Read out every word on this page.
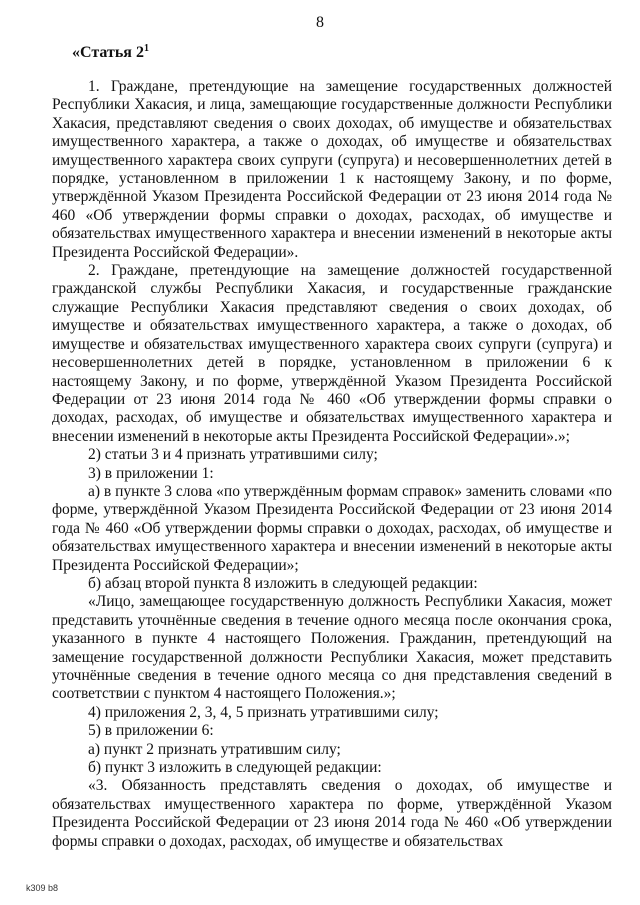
8
«Статья $2^1$

1. Граждане, претендующие на замещение государственных должностей Республики Хакасия, и лица, замещающие государственные должности Республики Хакасия, представляют сведения о своих доходах, об имуществе и обязательствах имущественного характера, а также о доходах, об имуществе и обязательствах имущественного характера своих супруги (супруга) и несовершеннолетних детей в порядке, установленном в приложении 1 к настоящему Закону, и по форме, утверждённой Указом Президента Российской Федерации от 23 июня 2014 года № 460 «Об утверждении формы справки о доходах, расходах, об имуществе и обязательствах имущественного характера и внесении изменений в некоторые акты Президента Российской Федерации».

2. Граждане, претендующие на замещение должностей государственной гражданской службы Республики Хакасия, и государственные гражданские служащие Республики Хакасия представляют сведения о своих доходах, об имуществе и обязательствах имущественного характера, а также о доходах, об имуществе и обязательствах имущественного характера своих супруги (супруга) и несовершеннолетних детей в порядке, установленном в приложении 6 к настоящему Закону, и по форме, утверждённой Указом Президента Российской Федерации от 23 июня 2014 года № 460 «Об утверждении формы справки о доходах, расходах, об имуществе и обязательствах имущественного характера и внесении изменений в некоторые акты Президента Российской Федерации».»;

2) статьи 3 и 4 признать утратившими силу;

3) в приложении 1:

а) в пункте 3 слова «по утверждённым формам справок» заменить словами «по форме, утверждённой Указом Президента Российской Федерации от 23 июня 2014 года № 460 «Об утверждении формы справки о доходах, расходах, об имуществе и обязательствах имущественного характера и внесении изменений в некоторые акты Президента Российской Федерации»;

б) абзац второй пункта 8 изложить в следующей редакции:

«Лицо, замещающее государственную должность Республики Хакасия, может представить уточнённые сведения в течение одного месяца после окончания срока, указанного в пункте 4 настоящего Положения. Гражданин, претендующий на замещение государственной должности Республики Хакасия, может представить уточнённые сведения в течение одного месяца со дня представления сведений в соответствии с пунктом 4 настоящего Положения.»;

4) приложения 2, 3, 4, 5 признать утратившими силу;

5) в приложении 6:

а) пункт 2 признать утратившим силу;

б) пункт 3 изложить в следующей редакции:

«3. Обязанность представлять сведения о доходах, об имуществе и обязательствах имущественного характера по форме, утверждённой Указом Президента Российской Федерации от 23 июня 2014 года № 460 «Об утверждении формы справки о доходах, расходах, об имуществе и обязательствах

k309 b8
